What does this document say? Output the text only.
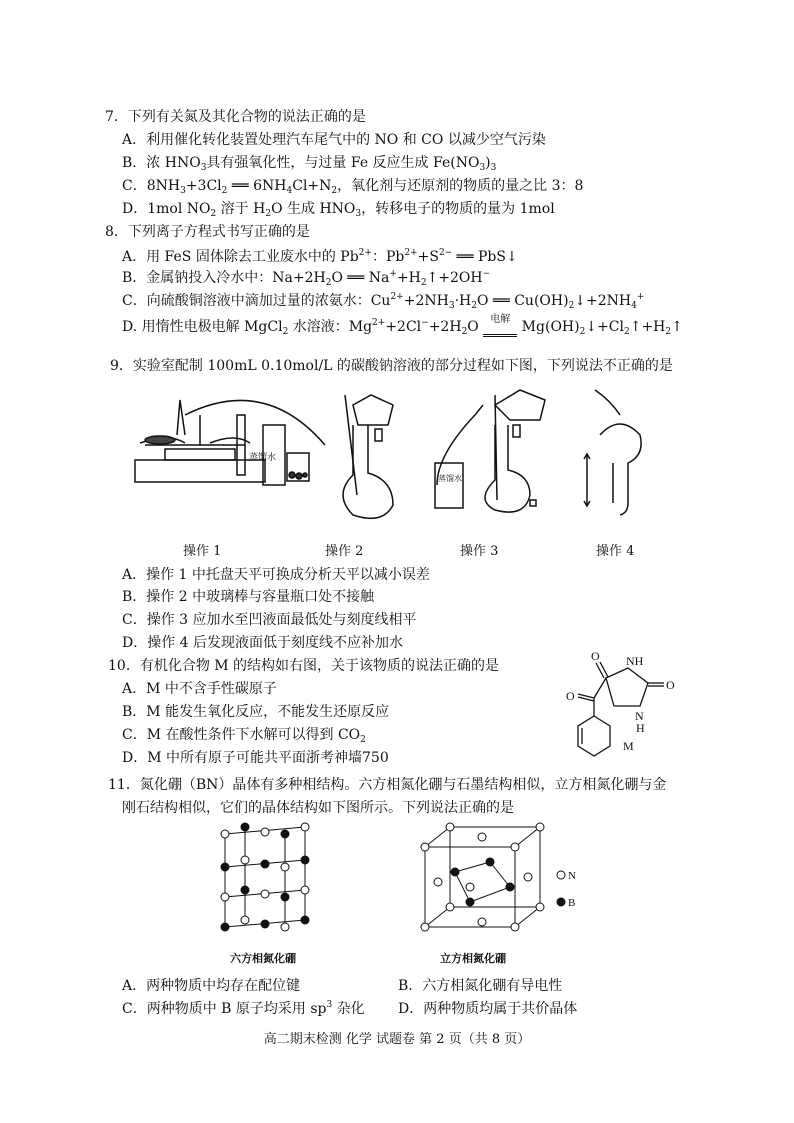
7．下列有关氮及其化合物的说法正确的是
A．利用催化转化装置处理汽车尾气中的 NO 和 CO 以减少空气污染
B．浓 $HNO_3$具有强氧化性，与过量 Fe 反应生成 $Fe(NO_3)_3$
C．$8NH_3+3Cl_2$ ══ $6NH_4Cl+N_2$，氧化剂与还原剂的物质的量之比 3：8
D．1mol $NO_2$ 溶于 $H_2O$ 生成 $HNO_3$，转移电子的物质的量为 1mol
8．下列离子方程式书写正确的是
A．用 FeS 固体除去工业废水中的 $Pb^{2+}$：$Pb^{2+}+S^{2-}$ ══ PbS↓
B．金属钠投入冷水中：$Na+2H_2O$ ══ $Na^++H_2↑+2OH^-$
C．向硫酸铜溶液中滴加过量的浓氨水：$Cu^{2+}+2NH_3\cdot H_2O$ ══ $Cu(OH)_2↓+2NH_4^+$
D. 用惰性电极电解 MgCl$_2$ 水溶液：$Mg^{2+}+2Cl^-+2H_2O$ $^{电解}$ $Mg(OH)_2↓+Cl_2↑+H_2↑$
9．实验室配制 100mL 0.10mol/L 的碳酸钠溶液的部分过程如下图，下列说法不正确的是
蒸馏水
蒸馏水
操作 1	操作 2	操作 3	操作 4
A．操作 1 中托盘天平可换成分析天平以减小误差
B．操作 2 中玻璃棒与容量瓶口处不接触
C．操作 3 应加水至凹液面最低处与刻度线相平
D．操作 4 后发现液面低于刻度线不应补加水
10．有机化合物 M 的结构如右图，关于该物质的说法正确的是
A．M 中不含手性碳原子
B．M 能发生氧化反应，不能发生还原反应
C．M 在酸性条件下水解可以得到 $CO_2$
D．M 中所有原子可能共平面浙考神墙750
O NH
O
N
H
O
M
11．氮化硼（BN）晶体有多种相结构。六方相氮化硼与石墨结构相似，立方相氮化硼与金
刚石结构相似，它们的晶体结构如下图所示。下列说法正确的是
N
B
六方相氮化硼	立方相氮化硼
A．两种物质中均存在配位键	B．六方相氮化硼有导电性
C．两种物质中 B 原子均采用 $sp^3$ 杂化 D．两种物质均属于共价晶体
高二期末检测 化学 试题卷 第 2 页（共 8 页）
